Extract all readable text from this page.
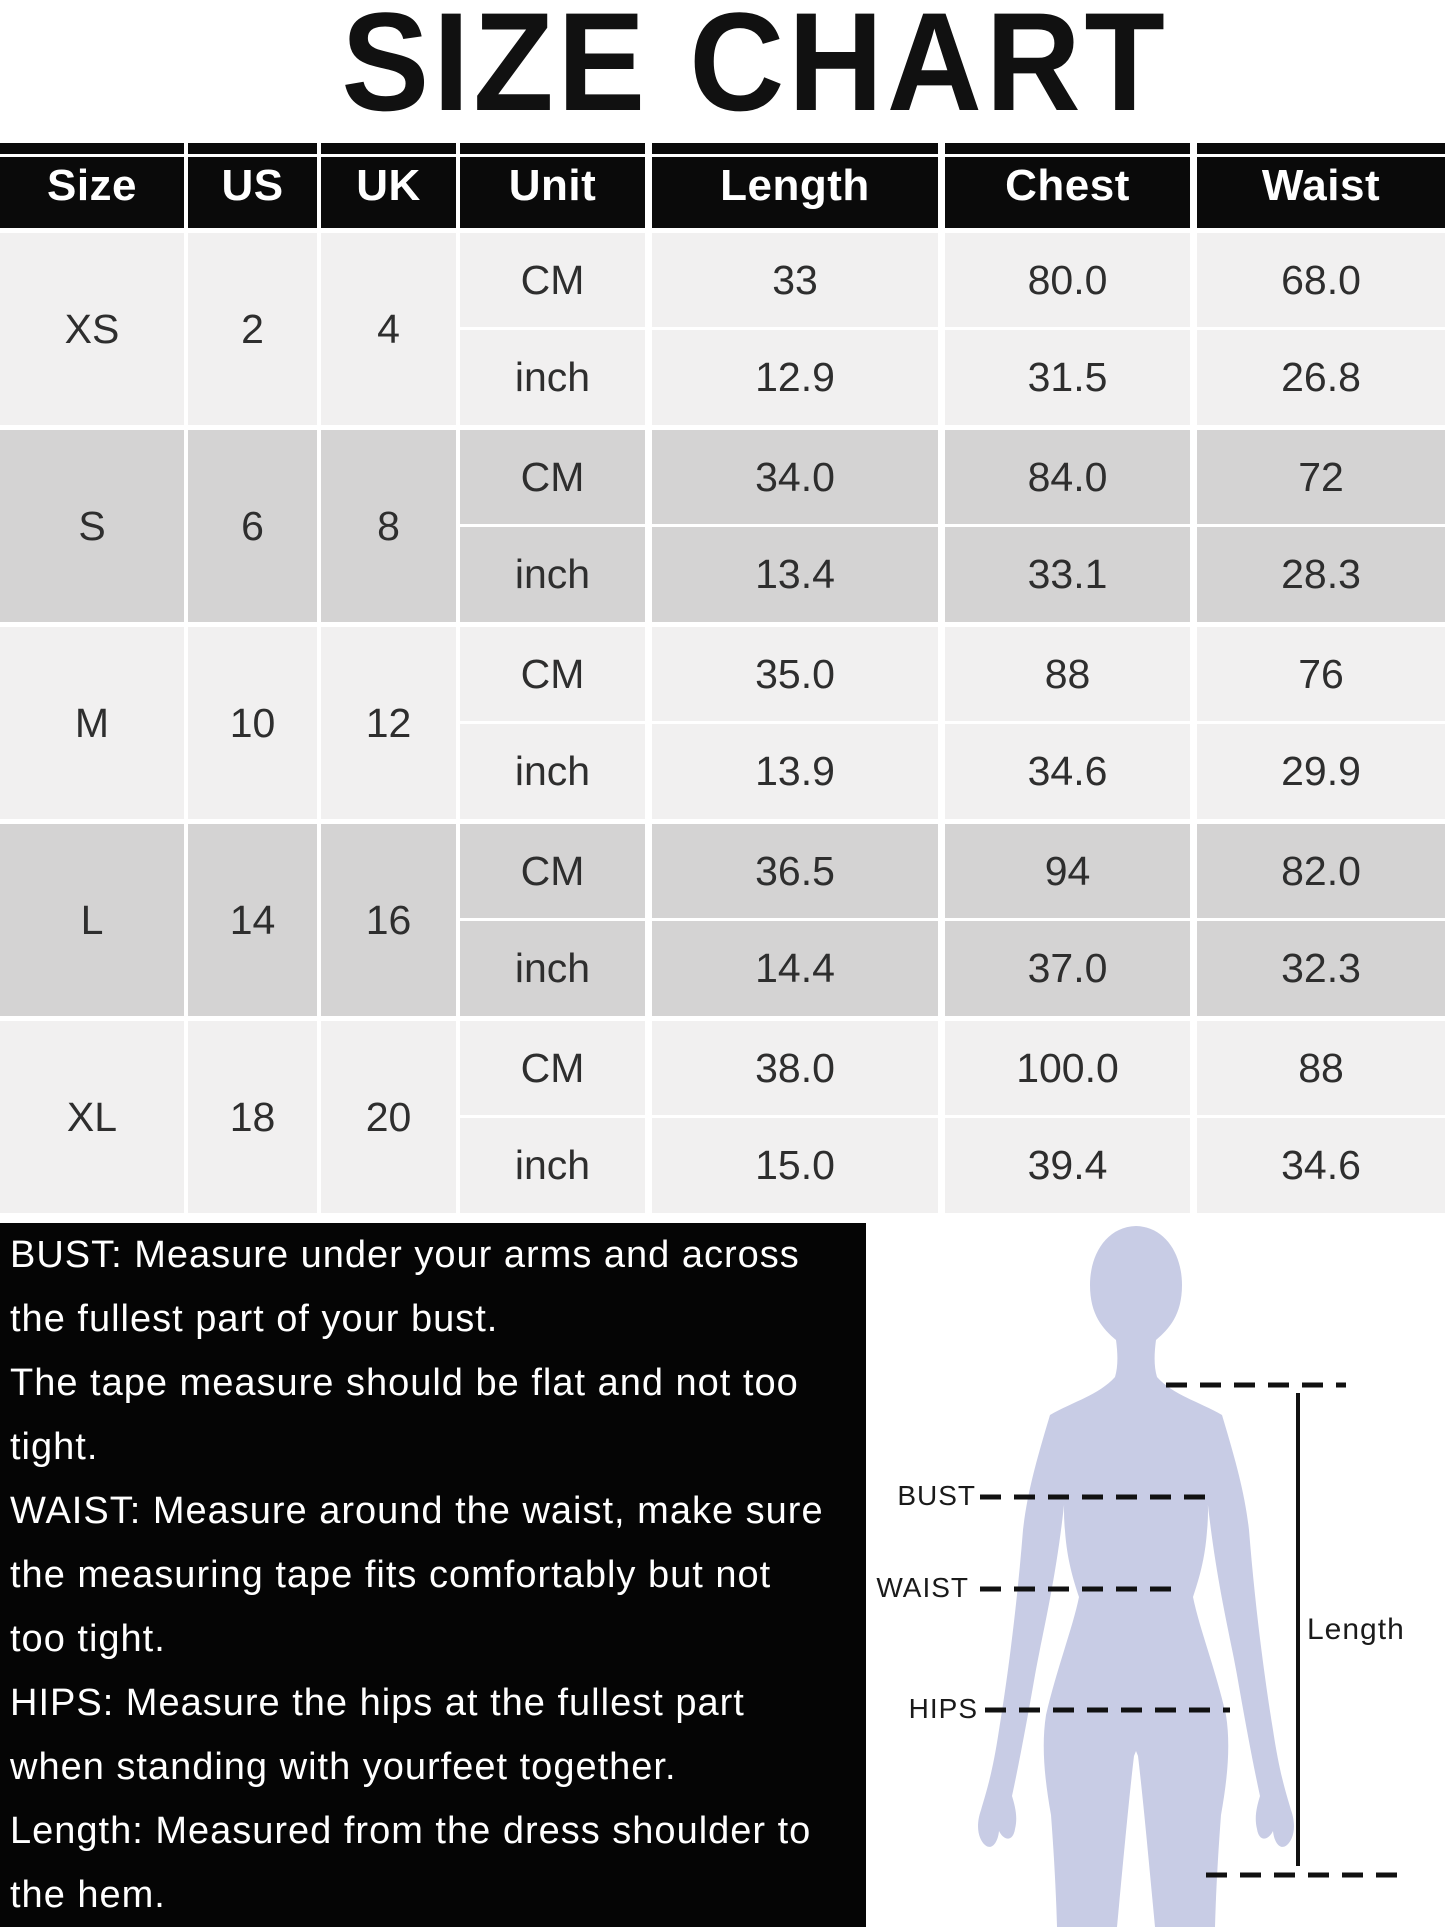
SIZE CHART
Size	US	UK	Unit	Length	Chest	Waist
XS	2	4
CM	33	80.0	68.0
inch	12.9	31.5	26.8
S	6	8
CM	34.0	84.0	72
inch	13.4	33.1	28.3
M	10	12
CM	35.0	88	76
inch	13.9	34.6	29.9
L	14	16
CM	36.5	94	82.0
inch	14.4	37.0	32.3
XL	18	20
CM	38.0	100.0	88
inch	15.0	39.4	34.6
BUST: Measure under your arms and across
the fullest part of your bust.
The tape measure should be flat and not too
tight.
WAIST: Measure around the waist, make sure
the measuring tape fits comfortably but not
too tight.
HIPS: Measure the hips at the fullest part
when standing with yourfeet together.
Length: Measured from the dress shoulder to
the hem.
BUST
WAIST
HIPS
Length
